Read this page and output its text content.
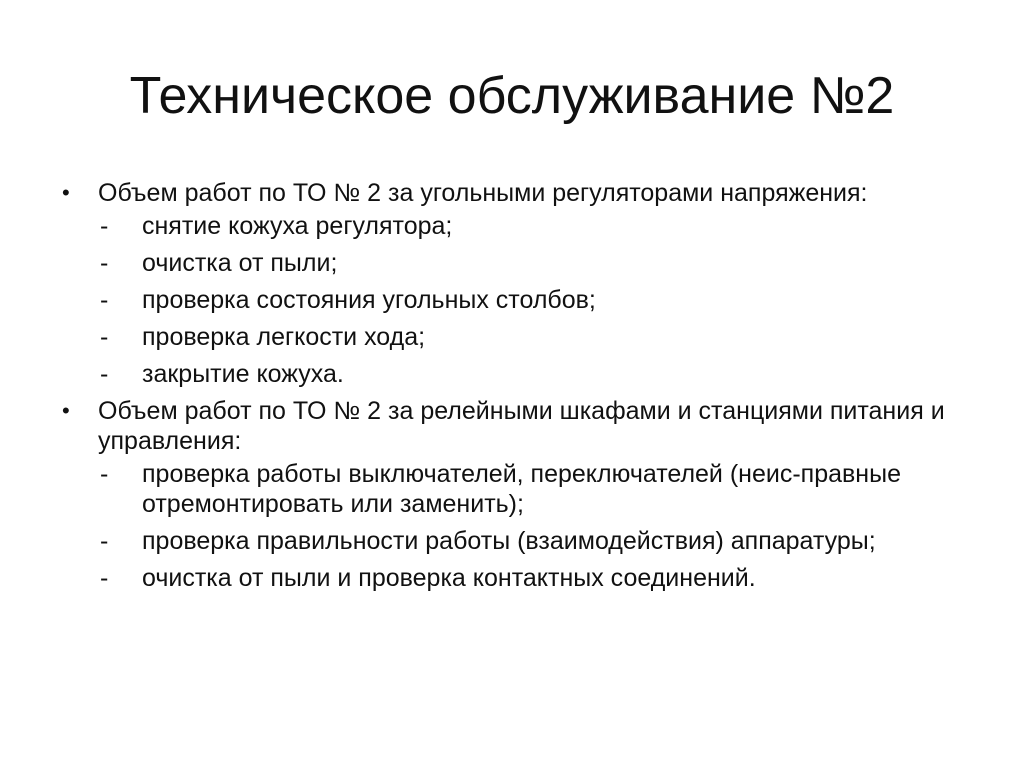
Техническое обслуживание №2
•	Объем работ по ТО № 2 за угольными регуляторами напряжения:
-	снятие кожуха регулятора;
-	очистка от пыли;
-	проверка состояния угольных столбов;
-	проверка легкости хода;
-	закрытие кожуха.
•	Объем работ по ТО № 2 за релейными шкафами и станциями питания и управления:
-	проверка работы выключателей, переключателей (неис-правные отремонтировать или заменить);
-	проверка правильности работы (взаимодействия) аппаратуры;
-	очистка от пыли и проверка контактных соединений.
